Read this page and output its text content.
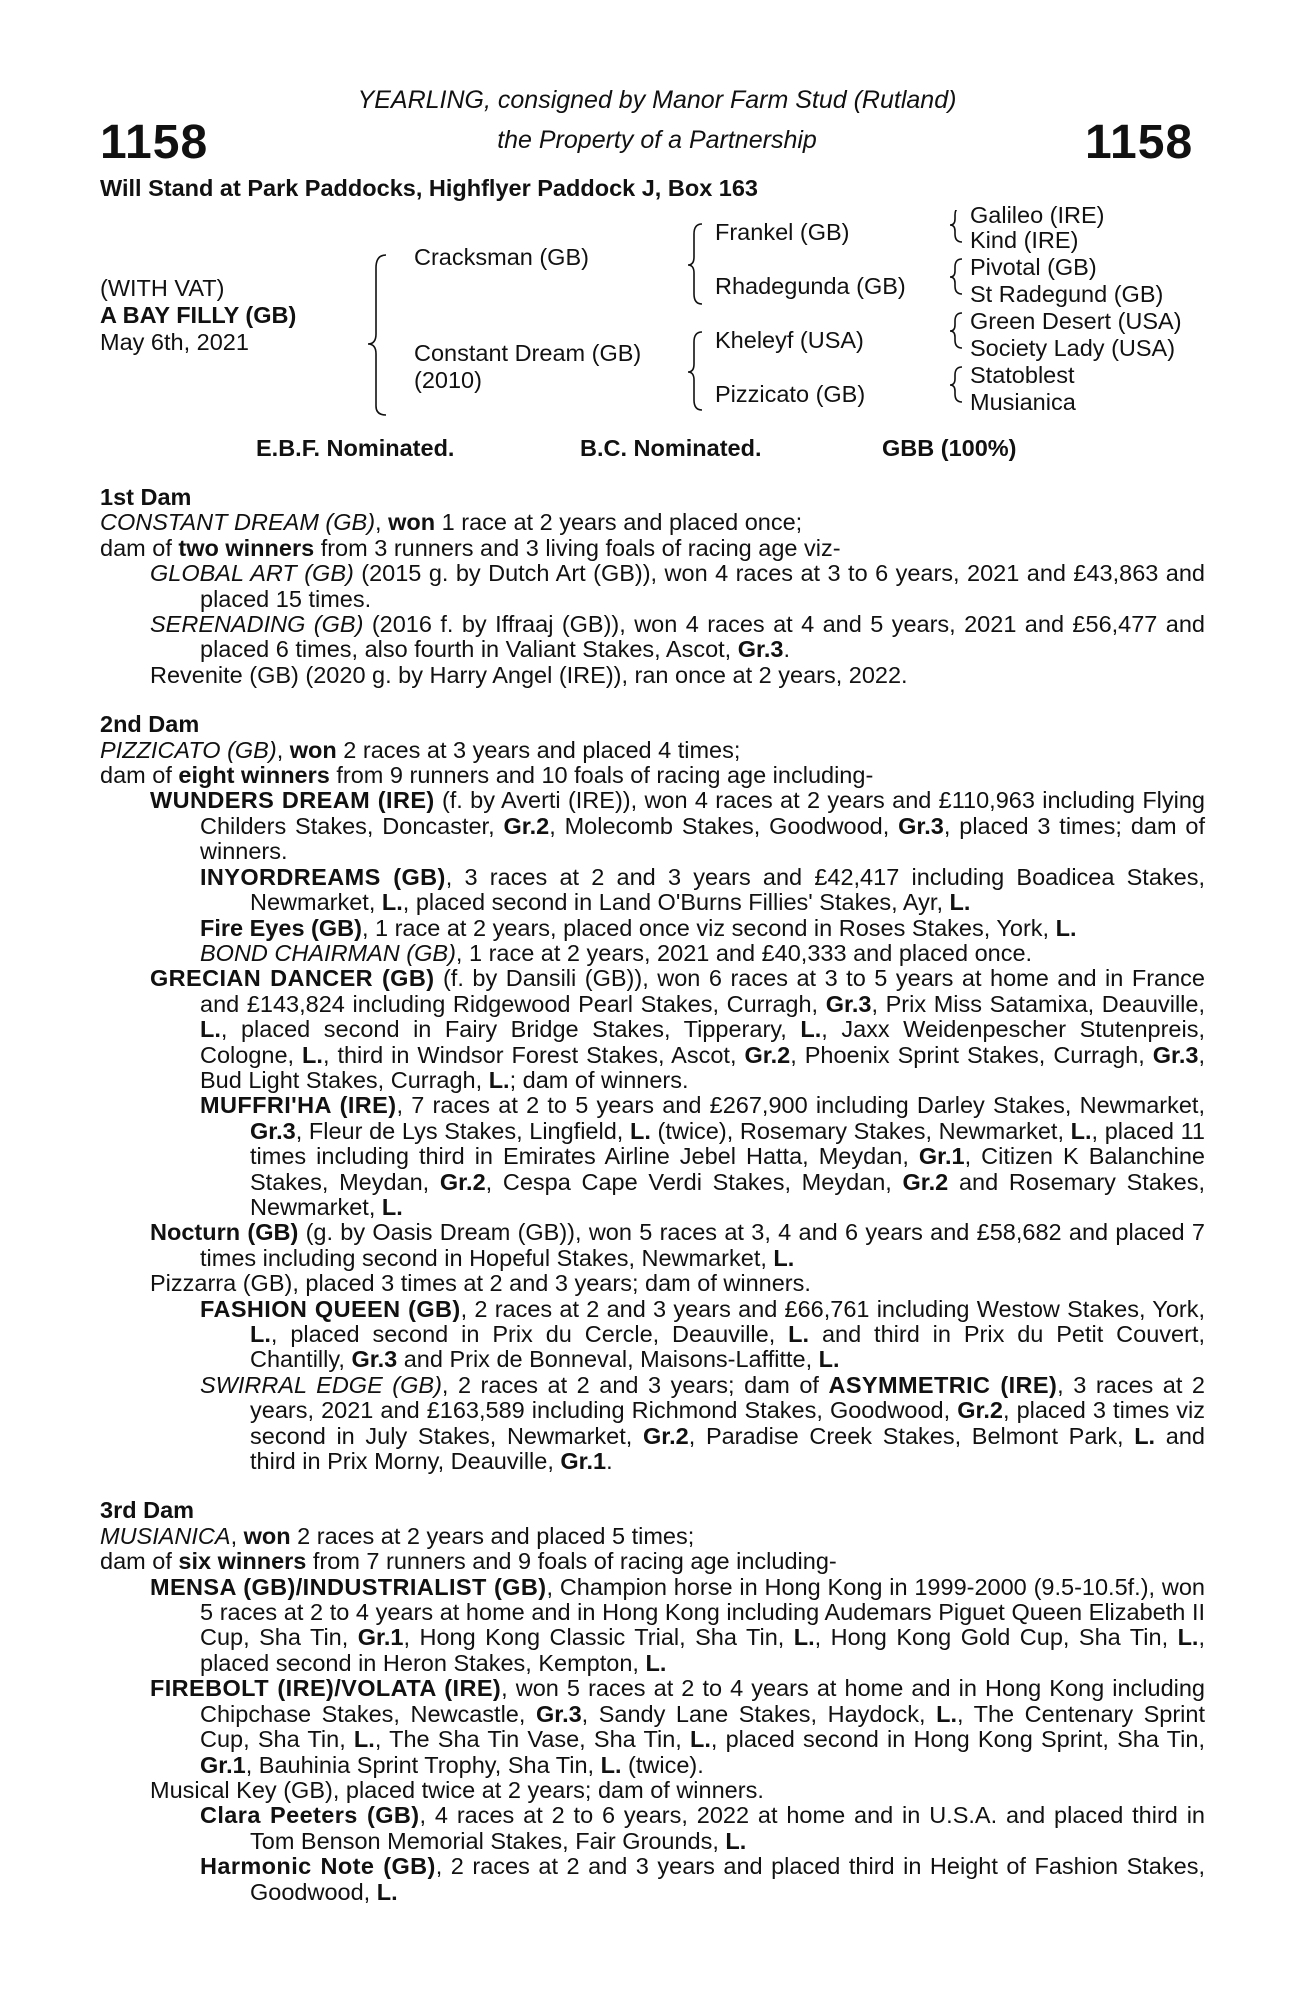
1158	1158
YEARLING, consigned by Manor Farm Stud (Rutland)
the Property of a Partnership
Will Stand at Park Paddocks, Highflyer Paddock J, Box 163
(WITH VAT)
A BAY FILLY (GB)
May 6th, 2021
Cracksman (GB)
Constant Dream (GB)
(2010)
Frankel (GB)
Rhadegunda (GB)
Kheleyf (USA)
Pizzicato (GB)
Galileo (IRE)
Kind (IRE)
Pivotal (GB)
St Radegund (GB)
Green Desert (USA)
Society Lady (USA)
Statoblest
Musianica
E.B.F. Nominated.	B.C. Nominated.	GBB (100%)
1st Dam
CONSTANT DREAM (GB), won 1 race at 2 years and placed once;
dam of two winners from 3 runners and 3 living foals of racing age viz-
GLOBAL ART (GB) (2015 g. by Dutch Art (GB)), won 4 races at 3 to 6 years, 2021 and £43,863 and placed 15 times.
SERENADING (GB) (2016 f. by Iffraaj (GB)), won 4 races at 4 and 5 years, 2021 and £56,477 and placed 6 times, also fourth in Valiant Stakes, Ascot, Gr.3.
Revenite (GB) (2020 g. by Harry Angel (IRE)), ran once at 2 years, 2022.
2nd Dam
PIZZICATO (GB), won 2 races at 3 years and placed 4 times;
dam of eight winners from 9 runners and 10 foals of racing age including-
WUNDERS DREAM (IRE) (f. by Averti (IRE)), won 4 races at 2 years and £110,963 including Flying Childers Stakes, Doncaster, Gr.2, Molecomb Stakes, Goodwood, Gr.3, placed 3 times; dam of winners.
INYORDREAMS (GB), 3 races at 2 and 3 years and £42,417 including Boadicea Stakes, Newmarket, L., placed second in Land O'Burns Fillies' Stakes, Ayr, L.
Fire Eyes (GB), 1 race at 2 years, placed once viz second in Roses Stakes, York, L.
BOND CHAIRMAN (GB), 1 race at 2 years, 2021 and £40,333 and placed once.
GRECIAN DANCER (GB) (f. by Dansili (GB)), won 6 races at 3 to 5 years at home and in France and £143,824 including Ridgewood Pearl Stakes, Curragh, Gr.3, Prix Miss Satamixa, Deauville, L., placed second in Fairy Bridge Stakes, Tipperary, L., Jaxx Weidenpescher Stutenpreis, Cologne, L., third in Windsor Forest Stakes, Ascot, Gr.2, Phoenix Sprint Stakes, Curragh, Gr.3, Bud Light Stakes, Curragh, L.; dam of winners.
MUFFRI'HA (IRE), 7 races at 2 to 5 years and £267,900 including Darley Stakes, Newmarket, Gr.3, Fleur de Lys Stakes, Lingfield, L. (twice), Rosemary Stakes, Newmarket, L., placed 11 times including third in Emirates Airline Jebel Hatta, Meydan, Gr.1, Citizen K Balanchine Stakes, Meydan, Gr.2, Cespa Cape Verdi Stakes, Meydan, Gr.2 and Rosemary Stakes, Newmarket, L.
Nocturn (GB) (g. by Oasis Dream (GB)), won 5 races at 3, 4 and 6 years and £58,682 and placed 7 times including second in Hopeful Stakes, Newmarket, L.
Pizzarra (GB), placed 3 times at 2 and 3 years; dam of winners.
FASHION QUEEN (GB), 2 races at 2 and 3 years and £66,761 including Westow Stakes, York, L., placed second in Prix du Cercle, Deauville, L. and third in Prix du Petit Couvert, Chantilly, Gr.3 and Prix de Bonneval, Maisons-Laffitte, L.
SWIRRAL EDGE (GB), 2 races at 2 and 3 years; dam of ASYMMETRIC (IRE), 3 races at 2 years, 2021 and £163,589 including Richmond Stakes, Goodwood, Gr.2, placed 3 times viz second in July Stakes, Newmarket, Gr.2, Paradise Creek Stakes, Belmont Park, L. and third in Prix Morny, Deauville, Gr.1.
3rd Dam
MUSIANICA, won 2 races at 2 years and placed 5 times;
dam of six winners from 7 runners and 9 foals of racing age including-
MENSA (GB)/INDUSTRIALIST (GB), Champion horse in Hong Kong in 1999-2000 (9.5-10.5f.), won 5 races at 2 to 4 years at home and in Hong Kong including Audemars Piguet Queen Elizabeth II Cup, Sha Tin, Gr.1, Hong Kong Classic Trial, Sha Tin, L., Hong Kong Gold Cup, Sha Tin, L., placed second in Heron Stakes, Kempton, L.
FIREBOLT (IRE)/VOLATA (IRE), won 5 races at 2 to 4 years at home and in Hong Kong including Chipchase Stakes, Newcastle, Gr.3, Sandy Lane Stakes, Haydock, L., The Centenary Sprint Cup, Sha Tin, L., The Sha Tin Vase, Sha Tin, L., placed second in Hong Kong Sprint, Sha Tin, Gr.1, Bauhinia Sprint Trophy, Sha Tin, L. (twice).
Musical Key (GB), placed twice at 2 years; dam of winners.
Clara Peeters (GB), 4 races at 2 to 6 years, 2022 at home and in U.S.A. and placed third in Tom Benson Memorial Stakes, Fair Grounds, L.
Harmonic Note (GB), 2 races at 2 and 3 years and placed third in Height of Fashion Stakes, Goodwood, L.
